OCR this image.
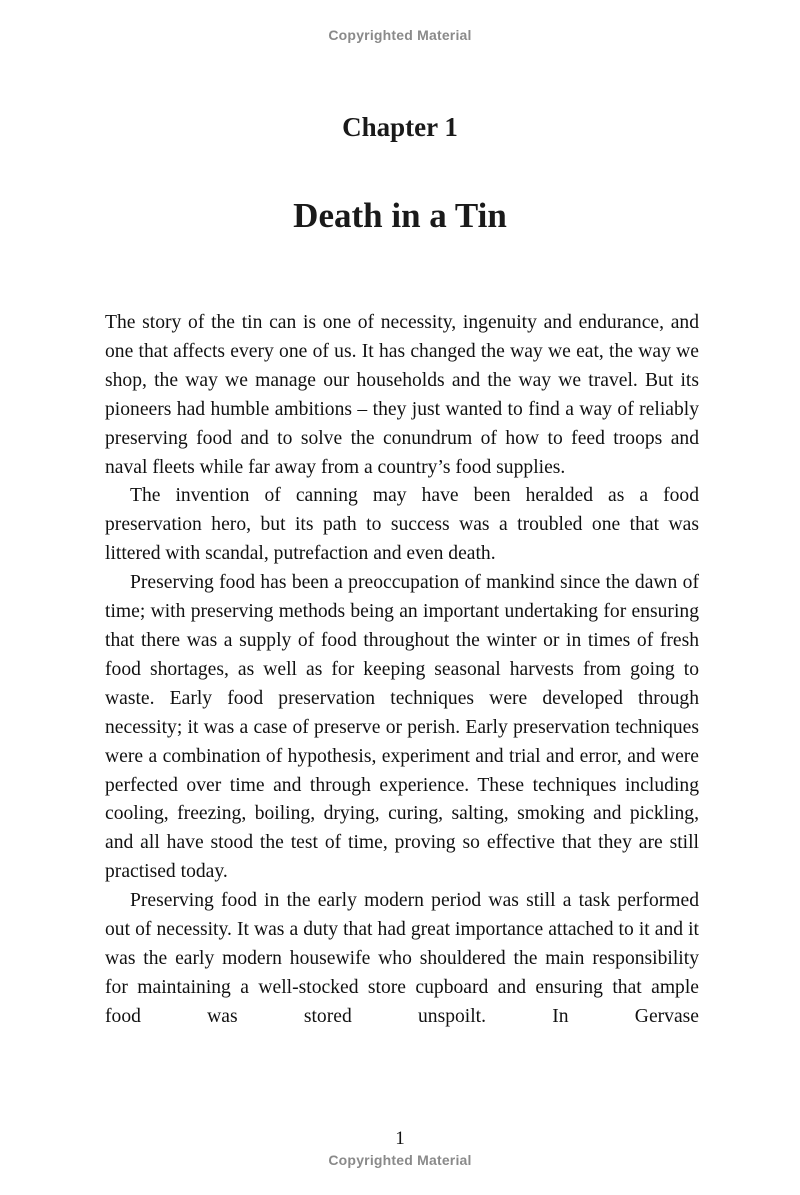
Copyrighted Material
Chapter 1
Death in a Tin

The story of the tin can is one of necessity, ingenuity and endurance, and one that affects every one of us. It has changed the way we eat, the way we shop, the way we manage our households and the way we travel. But its pioneers had humble ambitions – they just wanted to find a way of reliably preserving food and to solve the conundrum of how to feed troops and naval fleets while far away from a country’s food supplies.

The invention of canning may have been heralded as a food preservation hero, but its path to success was a troubled one that was littered with scandal, putrefaction and even death.

Preserving food has been a preoccupation of mankind since the dawn of time; with preserving methods being an important undertaking for ensuring that there was a supply of food throughout the winter or in times of fresh food shortages, as well as for keeping seasonal harvests from going to waste. Early food preservation techniques were developed through necessity; it was a case of preserve or perish. Early preservation techniques were a combination of hypothesis, experiment and trial and error, and were perfected over time and through experience. These techniques including cooling, freezing, boiling, drying, curing, salting, smoking and pickling, and all have stood the test of time, proving so effective that they are still practised today.

Preserving food in the early modern period was still a task performed out of necessity. It was a duty that had great importance attached to it and it was the early modern housewife who shouldered the main responsibility for maintaining a well-stocked store cupboard and ensuring that ample food was stored unspoilt. In Gervase

1
Copyrighted Material
